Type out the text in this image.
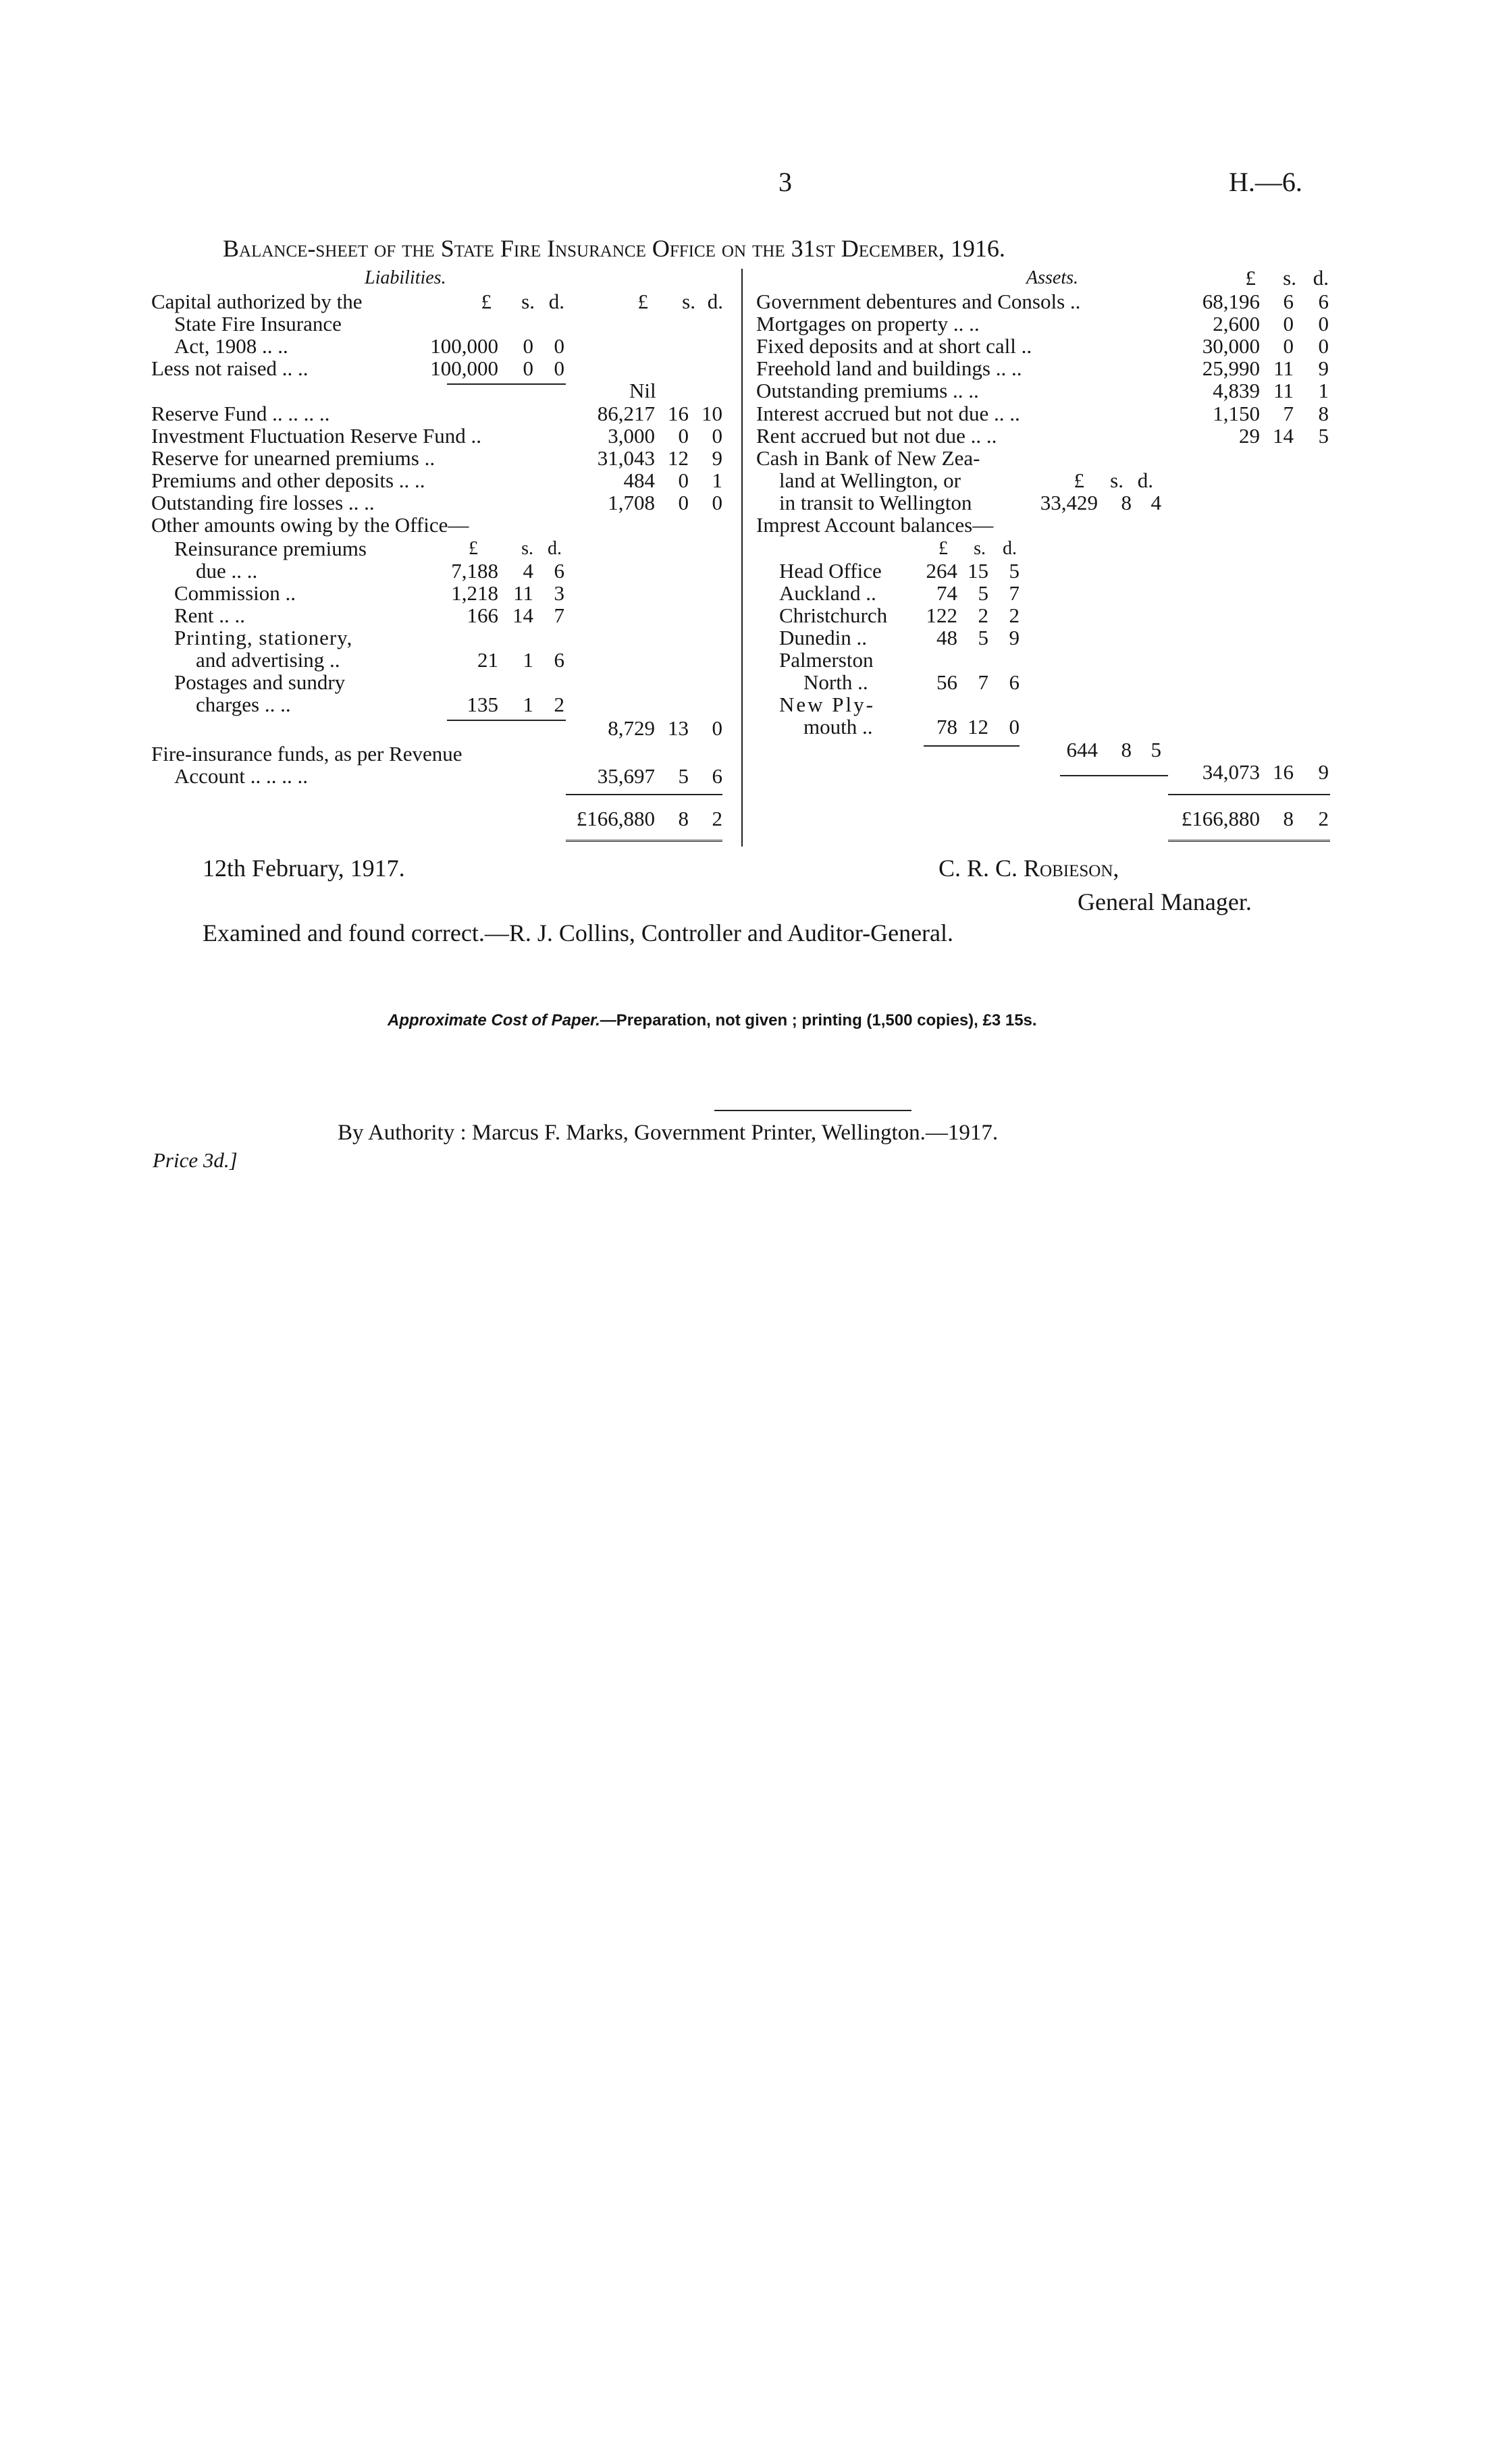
3	H.—6.
Balance-sheet of the State Fire Insurance Office on the 31st December, 1916.
Liabilities.
Capital authorized by the	£	s. d.	£	s. d.
State Fire Insurance
Act, 1908 .. ..	100,000	0 0
Less not raised .. ..	100,000	0 0
Nil
Reserve Fund .. .. .. ..	86,217 16 10
Investment Fluctuation Reserve Fund ..	3,000	0	0
Reserve for unearned premiums ..	31,043 12	9
Premiums and other deposits .. ..	484	0	1
Outstanding fire losses .. ..	1,708	0	0
Other amounts owing by the Office—
£	s. d.
Reinsurance premiums
due .. ..	7,188	4 6
Commission ..	1,218 11 3
Rent .. ..	166 14 7
Printing, stationery,
and advertising ..	21	1 6
Postages and sundry
charges .. ..	135	1 2
8,729 13	0
Fire-insurance funds, as per Revenue
Account .. .. .. ..	35,697	5	6
£166,880	8	2
Assets.	£	s. d.
Government debentures and Consols ..	68,196	6	6
Mortgages on property .. ..	2,600	0	0
Fixed deposits and at short call ..	30,000	0	0
Freehold land and buildings .. ..	25,990 11	9
Outstanding premiums .. ..	4,839 11	1
Interest accrued but not due .. ..	1,150	7	8
Rent accrued but not due .. ..	29 14	5
Cash in Bank of New Zea-
land at Wellington, or	£	s. d.
in transit to Wellington	33,429	8 4
Imprest Account balances—
£	s. d.
Head Office	264 15 5
Auckland ..	74 5 7
Christchurch	122 2 2
Dunedin ..	48 5 9
Palmerston
North ..	56 7 6
New Ply-
mouth ..	78 12 0
644	8 5
34,073 16	9
£166,880	8	2
12th February, 1917.	C. R. C. Robieson,
General Manager.
Examined and found correct.—R. J. Collins, Controller and Auditor-General.
Approximate Cost of Paper.—Preparation, not given ; printing (1,500 copies), £3 15s.
By Authority : Marcus F. Marks, Government Printer, Wellington.—1917.
Price 3d.]
